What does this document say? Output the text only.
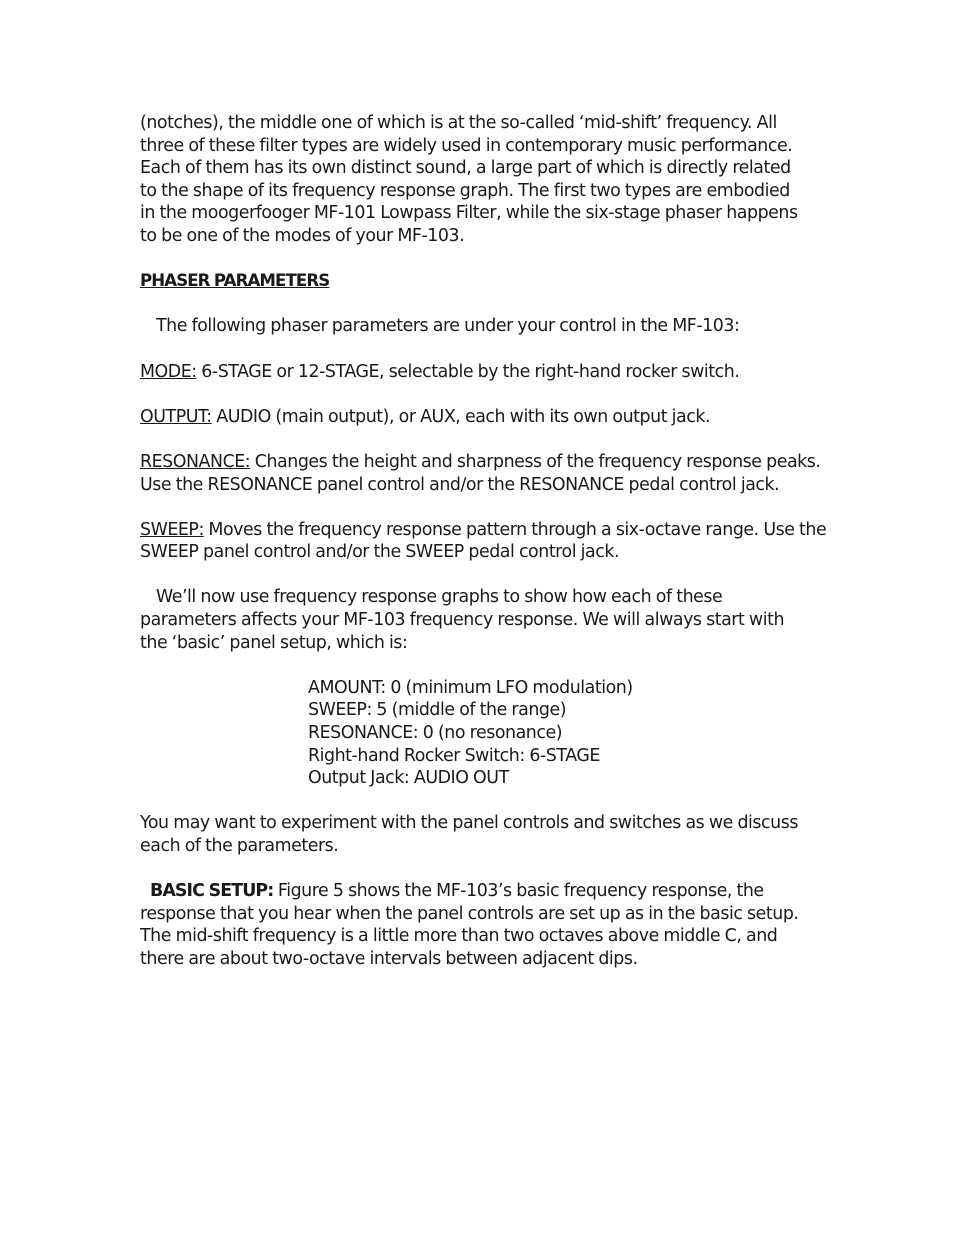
(notches), the middle one of which is at the so-called ‘mid-shift’ frequency. All
three of these filter types are widely used in contemporary music performance.
Each of them has its own distinct sound, a large part of which is directly related
to the shape of its frequency response graph. The first two types are embodied
in the moogerfooger MF-101 Lowpass Filter, while the six-stage phaser happens
to be one of the modes of your MF-103.

PHASER PARAMETERS

The following phaser parameters are under your control in the MF-103:

MODE: 6-STAGE or 12-STAGE, selectable by the right-hand rocker switch.

OUTPUT: AUDIO (main output), or AUX, each with its own output jack.

RESONANCE: Changes the height and sharpness of the frequency response peaks. Use the RESONANCE panel control and/or the RESONANCE pedal control jack.

SWEEP: Moves the frequency response pattern through a six-octave range. Use the SWEEP panel control and/or the SWEEP pedal control jack.

We’ll now use frequency response graphs to show how each of these
parameters affects your MF-103 frequency response. We will always start with
the ‘basic’ panel setup, which is:

AMOUNT: 0 (minimum LFO modulation)
SWEEP: 5 (middle of the range)
RESONANCE: 0 (no resonance)
Right-hand Rocker Switch: 6-STAGE
Output Jack: AUDIO OUT

You may want to experiment with the panel controls and switches as we discuss
each of the parameters.

BASIC SETUP: Figure 5 shows the MF-103’s basic frequency response, the
response that you hear when the panel controls are set up as in the basic setup.
The mid-shift frequency is a little more than two octaves above middle C, and
there are about two-octave intervals between adjacent dips.
